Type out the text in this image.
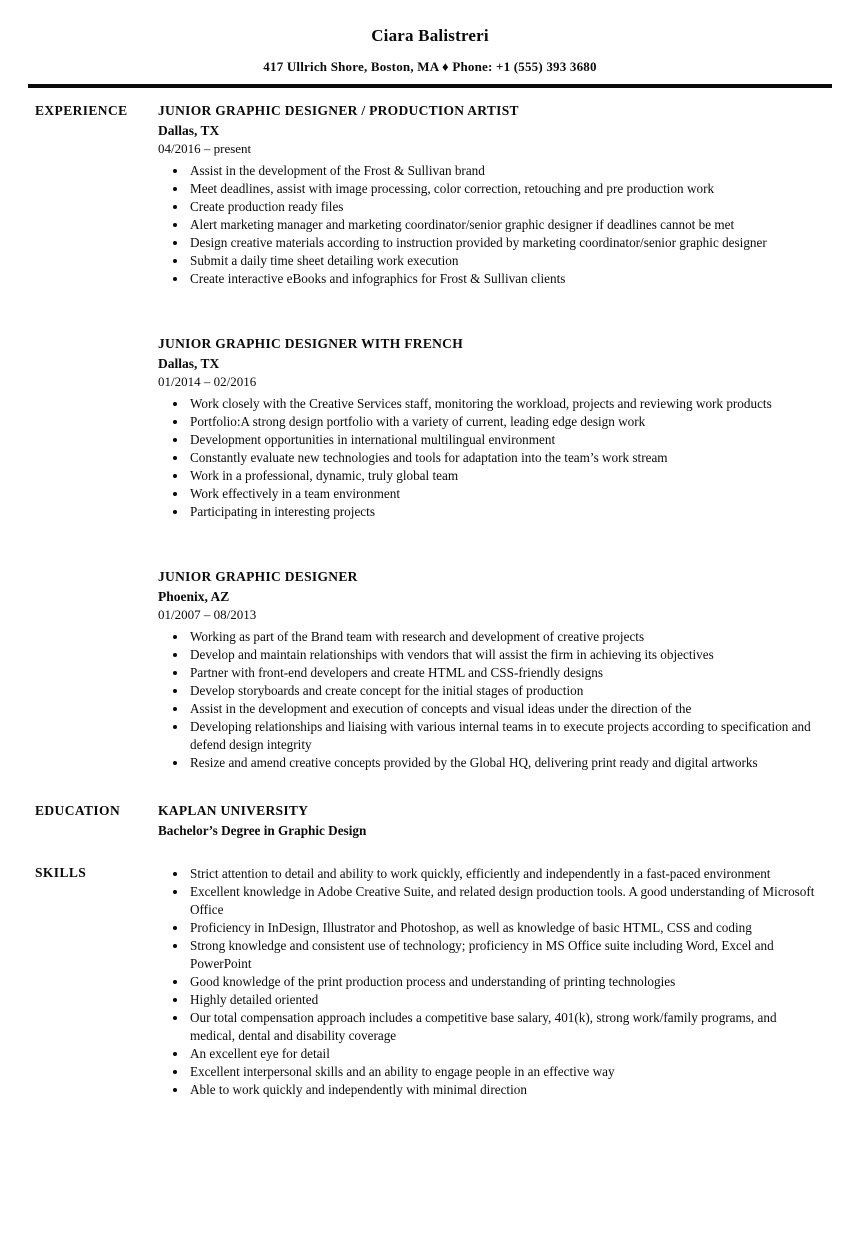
Ciara Balistreri
417 Ullrich Shore, Boston, MA ♦ Phone: +1 (555) 393 3680
EXPERIENCE	JUNIOR GRAPHIC DESIGNER / PRODUCTION ARTIST
Dallas, TX
04/2016 – present
• Assist in the development of the Frost & Sullivan brand
• Meet deadlines, assist with image processing, color correction, retouching and pre production work
• Create production ready files
• Alert marketing manager and marketing coordinator/senior graphic designer if deadlines cannot be met
• Design creative materials according to instruction provided by marketing coordinator/senior graphic designer
• Submit a daily time sheet detailing work execution
• Create interactive eBooks and infographics for Frost & Sullivan clients
JUNIOR GRAPHIC DESIGNER WITH FRENCH
Dallas, TX
01/2014 – 02/2016
• Work closely with the Creative Services staff, monitoring the workload, projects and reviewing work products
• Portfolio:A strong design portfolio with a variety of current, leading edge design work
• Development opportunities in international multilingual environment
• Constantly evaluate new technologies and tools for adaptation into the team’s work stream
• Work in a professional, dynamic, truly global team
• Work effectively in a team environment
• Participating in interesting projects
JUNIOR GRAPHIC DESIGNER
Phoenix, AZ
01/2007 – 08/2013
• Working as part of the Brand team with research and development of creative projects
• Develop and maintain relationships with vendors that will assist the firm in achieving its objectives
• Partner with front-end developers and create HTML and CSS-friendly designs
• Develop storyboards and create concept for the initial stages of production
• Assist in the development and execution of concepts and visual ideas under the direction of the
• Developing relationships and liaising with various internal teams in to execute projects according to specification and defend design integrity
• Resize and amend creative concepts provided by the Global HQ, delivering print ready and digital artworks
EDUCATION	KAPLAN UNIVERSITY
Bachelor’s Degree in Graphic Design
SKILLS	• Strict attention to detail and ability to work quickly, efficiently and independently in a fast-paced environment
• Excellent knowledge in Adobe Creative Suite, and related design production tools. A good understanding of Microsoft Office
• Proficiency in InDesign, Illustrator and Photoshop, as well as knowledge of basic HTML, CSS and coding
• Strong knowledge and consistent use of technology; proficiency in MS Office suite including Word, Excel and PowerPoint
• Good knowledge of the print production process and understanding of printing technologies
• Highly detailed oriented
• Our total compensation approach includes a competitive base salary, 401(k), strong work/family programs, and medical, dental and disability coverage
• An excellent eye for detail
• Excellent interpersonal skills and an ability to engage people in an effective way
• Able to work quickly and independently with minimal direction
